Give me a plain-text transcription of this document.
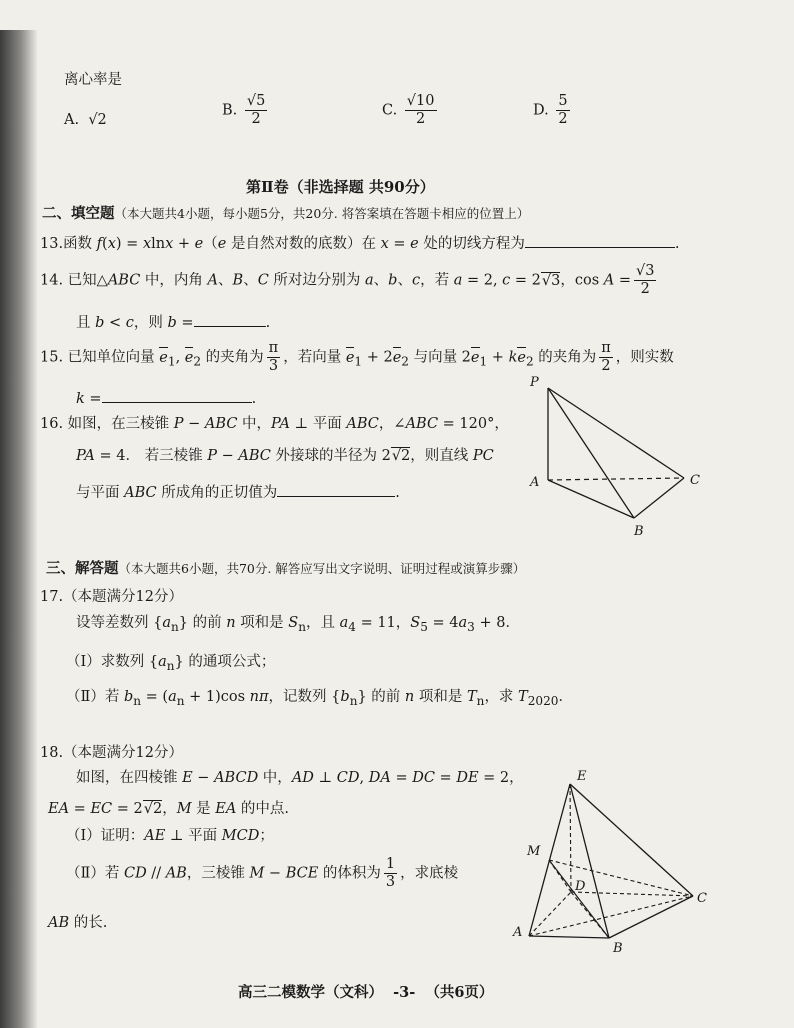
离心率是
A. √2
B. $\frac{√5}{2}$	C. $\frac{√10}{2}$	D. $\frac{5}{2}$
第Ⅱ卷（非选择题 共90分）
二、填空题（本大题共4小题，每小题5分，共20分. 将答案填在答题卡相应的位置上）
13.函数 f(x) = xlnx + e（e 是自然对数的底数）在 x = e 处的切线方程为	.
14. 已知△ABC 中，内角 A、B、C 所对边分别为 a、b、c，若 a = 2, c = 2√3，$\cos A = \frac{√3}{2}$
且 b < c，则 b =	.
15. 已知单位向量 $e_1$, $e_2$ 的夹角为 $\frac{\pi}{3}$ ，若向量 $e_1 + 2e_2$ 与向量 $2e_1 + ke_2$ 的夹角为 $\frac{\pi}{2}$ ，则实数
k =	.
16. 如图，在三棱锥 P − ABC 中，PA ⊥ 平面 ABC，∠ABC = 120°，
PA = 4． 若三棱锥 P − ABC 外接球的半径为 2√2，则直线 PC
与平面 ABC 所成角的正切值为	.
P
A
B
C
三、解答题（本大题共6小题，共70分. 解答应写出文字说明、证明过程或演算步骤）
17.（本题满分12分）
设等差数列 $\{a_n\}$ 的前 n 项和是 $S_n$，且 $a_4 = 11$，$S_5 = 4a_3 + 8$．
（Ⅰ）求数列 $\{a_n\}$ 的通项公式；
（Ⅱ）若 $b_n = (a_n + 1)\cos$ nπ，记数列 $\{b_n\}$ 的前 n 项和是 $T_n$，求 $T_{2020}$．
18.（本题满分12分）
如图，在四棱锥 E − ABCD 中，AD ⊥ CD, DA = DC = DE = 2，
EA = EC = 2√2，M 是 EA 的中点.
（Ⅰ）证明：AE ⊥ 平面 MCD；
（Ⅱ）若 CD // AB，三棱锥 M − BCE 的体积为 $\frac{1}{3}$ ，求底棱
AB 的长.
E
M
D
A
B
C
高三二模数学（文科）  -3-  （共6页）
